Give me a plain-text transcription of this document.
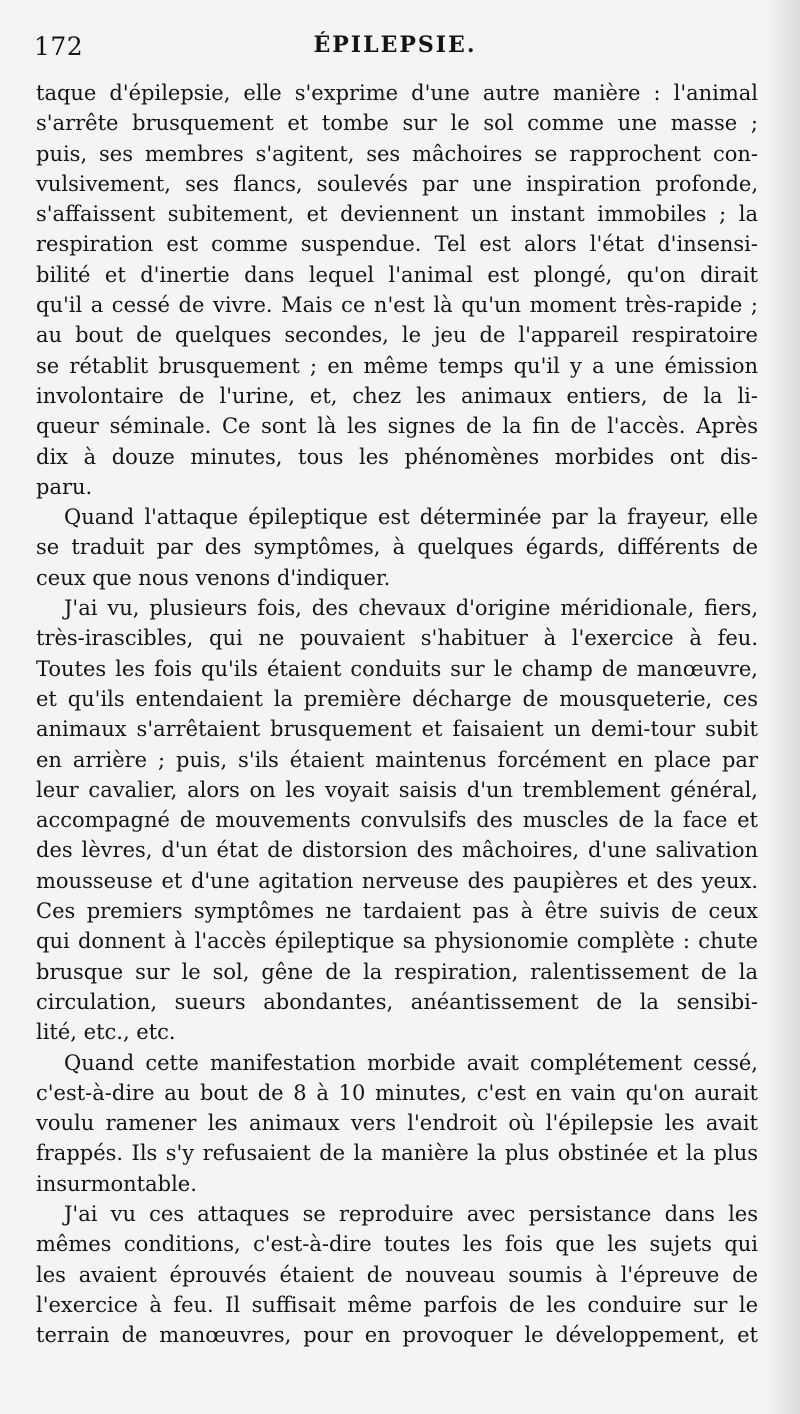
172	ÉPILEPSIE.
taque d'épilepsie, elle s'exprime d'une autre manière : l'animal
s'arrête brusquement et tombe sur le sol comme une masse ;
puis, ses membres s'agitent, ses mâchoires se rapprochent con-
vulsivement, ses flancs, soulevés par une inspiration profonde,
s'affaissent subitement, et deviennent un instant immobiles ; la
respiration est comme suspendue. Tel est alors l'état d'insensi-
bilité et d'inertie dans lequel l'animal est plongé, qu'on dirait
qu'il a cessé de vivre. Mais ce n'est là qu'un moment très-rapide ;
au bout de quelques secondes, le jeu de l'appareil respiratoire
se rétablit brusquement ; en même temps qu'il y a une émission
involontaire de l'urine, et, chez les animaux entiers, de la li-
queur séminale. Ce sont là les signes de la fin de l'accès. Après
dix à douze minutes, tous les phénomènes morbides ont dis-
paru.
Quand l'attaque épileptique est déterminée par la frayeur, elle
se traduit par des symptômes, à quelques égards, différents de
ceux que nous venons d'indiquer.
J'ai vu, plusieurs fois, des chevaux d'origine méridionale, fiers,
très-irascibles, qui ne pouvaient s'habituer à l'exercice à feu.
Toutes les fois qu'ils étaient conduits sur le champ de manœuvre,
et qu'ils entendaient la première décharge de mousqueterie, ces
animaux s'arrêtaient brusquement et faisaient un demi-tour subit
en arrière ; puis, s'ils étaient maintenus forcément en place par
leur cavalier, alors on les voyait saisis d'un tremblement général,
accompagné de mouvements convulsifs des muscles de la face et
des lèvres, d'un état de distorsion des mâchoires, d'une salivation
mousseuse et d'une agitation nerveuse des paupières et des yeux.
Ces premiers symptômes ne tardaient pas à être suivis de ceux
qui donnent à l'accès épileptique sa physionomie complète : chute
brusque sur le sol, gêne de la respiration, ralentissement de la
circulation, sueurs abondantes, anéantissement de la sensibi-
lité, etc., etc.
Quand cette manifestation morbide avait complétement cessé,
c'est-à-dire au bout de 8 à 10 minutes, c'est en vain qu'on aurait
voulu ramener les animaux vers l'endroit où l'épilepsie les avait
frappés. Ils s'y refusaient de la manière la plus obstinée et la plus
insurmontable.
J'ai vu ces attaques se reproduire avec persistance dans les
mêmes conditions, c'est-à-dire toutes les fois que les sujets qui
les avaient éprouvés étaient de nouveau soumis à l'épreuve de
l'exercice à feu. Il suffisait même parfois de les conduire sur le
terrain de manœuvres, pour en provoquer le développement, et
